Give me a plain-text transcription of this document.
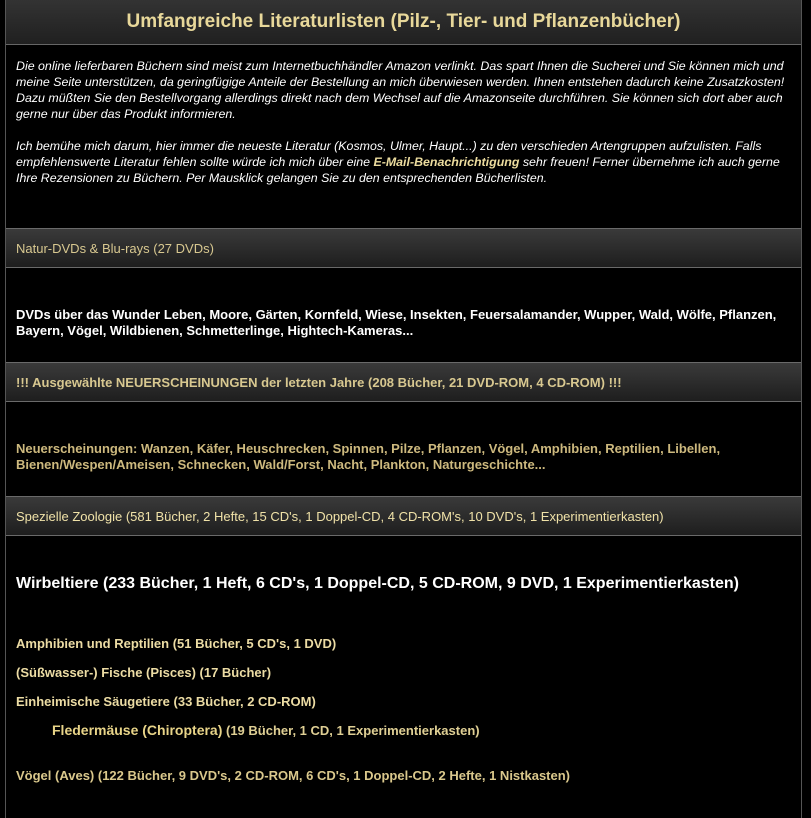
Umfangreiche Literaturlisten (Pilz-, Tier- und Pflanzenbücher)

Die online lieferbaren Büchern sind meist zum Internetbuchhändler Amazon verlinkt. Das spart Ihnen die Sucherei und Sie können mich und meine Seite unterstützen, da geringfügige Anteile der Bestellung an mich überwiesen werden. Ihnen entstehen dadurch keine Zusatzkosten!

Dazu müßten Sie den Bestellvorgang allerdings direkt nach dem Wechsel auf die Amazonseite durchführen. Sie können sich dort aber auch gerne nur über das Produkt informieren.

Ich bemühe mich darum, hier immer die neueste Literatur (Kosmos, Ulmer, Haupt...) zu den verschieden Artengruppen aufzulisten. Falls empfehlenswerte Literatur fehlen sollte würde ich mich über eine E-Mail-Benachrichtigung sehr freuen! Ferner übernehme ich auch gerne Ihre Rezensionen zu Büchern. Per Mausklick gelangen Sie zu den entsprechenden Bücherlisten.

Natur-DVDs & Blu-rays (27 DVDs)
DVDs über das Wunder Leben, Moore, Gärten, Kornfeld, Wiese, Insekten, Feuersalamander, Wupper, Wald, Wölfe, Pflanzen, Bayern, Vögel, Wildbienen, Schmetterlinge, Hightech-Kameras...
!!! Ausgewählte NEUERSCHEINUNGEN der letzten Jahre (208 Bücher, 21 DVD-ROM, 4 CD-ROM) !!!
Neuerscheinungen: Wanzen, Käfer, Heuschrecken, Spinnen, Pilze, Pflanzen, Vögel, Amphibien, Reptilien, Libellen, Bienen/Wespen/Ameisen, Schnecken, Wald/Forst, Nacht, Plankton, Naturgeschichte...
Spezielle Zoologie (581 Bücher, 2 Hefte, 15 CD's, 1 Doppel-CD, 4 CD-ROM's, 10 DVD's, 1 Experimentierkasten)
Wirbeltiere (233 Bücher, 1 Heft, 6 CD's, 1 Doppel-CD, 5 CD-ROM, 9 DVD, 1 Experimentierkasten)
Amphibien und Reptilien (51 Bücher, 5 CD's, 1 DVD)
(Süßwasser-) Fische (Pisces) (17 Bücher)
Einheimische Säugetiere (33 Bücher, 2 CD-ROM)
Fledermäuse (Chiroptera) (19 Bücher, 1 CD, 1 Experimentierkasten)
Vögel (Aves) (122 Bücher, 9 DVD's, 2 CD-ROM, 6 CD's, 1 Doppel-CD, 2 Hefte, 1 Nistkasten)
